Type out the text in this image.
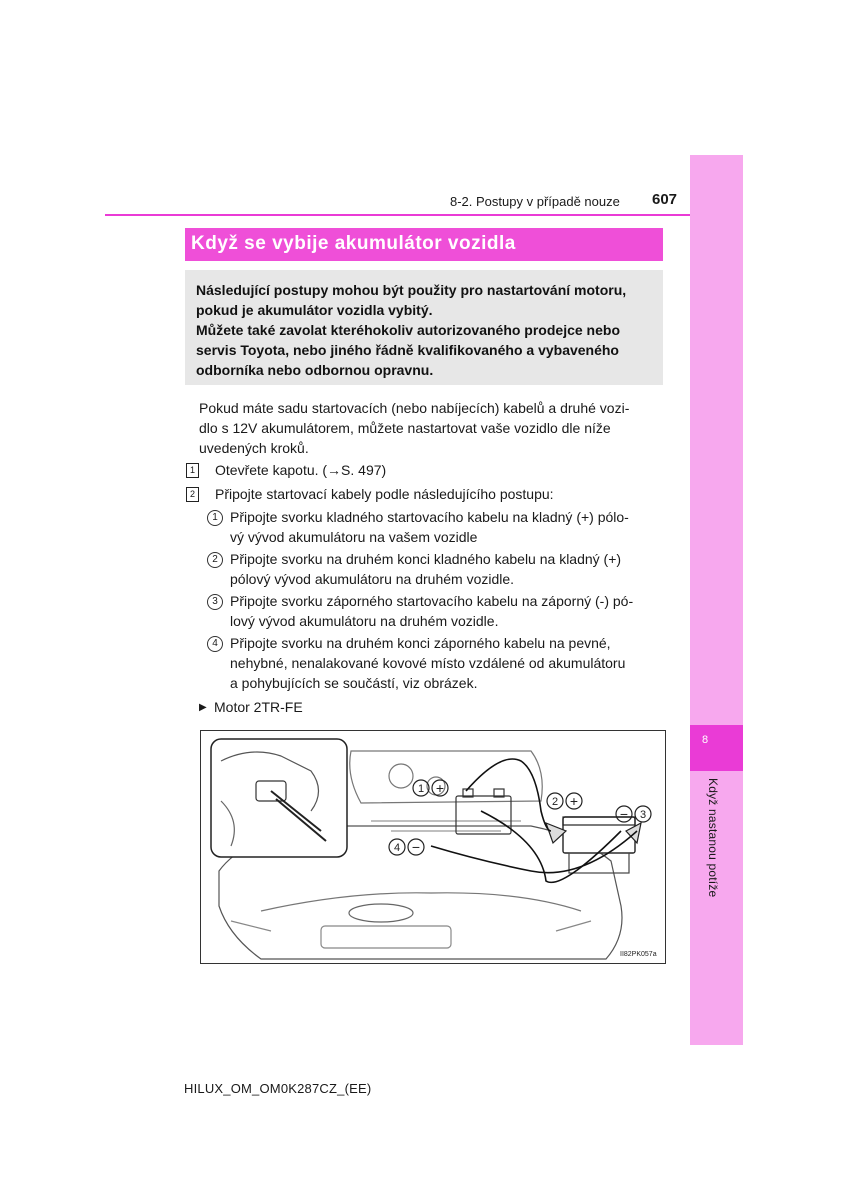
8
Když nastanou potíže
8-2. Postupy v případě nouze 607
Když se vybije akumulátor vozidla

Následující postupy mohou být použity pro nastartování motoru,
pokud je akumulátor vozidla vybitý.
Můžete také zavolat kteréhokoliv autorizovaného prodejce nebo
servis Toyota, nebo jiného řádně kvalifikovaného a vybaveného
odborníka nebo odbornou opravnu.

Pokud máte sadu startovacích (nebo nabíjecích) kabelů a druhé vozi-
dlo s 12V akumulátorem, můžete nastartovat vaše vozidlo dle níže
uvedených kroků.

1 Otevřete kapotu. (→S. 497)

2 Připojte startovací kabely podle následujícího postupu:

1 Připojte svorku kladného startovacího kabelu na kladný (+) pólo-
vý vývod akumulátoru na vašem vozidle

2 Připojte svorku na druhém konci kladného kabelu na kladný (+)
pólový vývod akumulátoru na druhém vozidle.

3 Připojte svorku záporného startovacího kabelu na záporný (-) pó-
lový vývod akumulátoru na druhém vozidle.

4 Připojte svorku na druhém konci záporného kabelu na pevné,
nehybné, nenalakované kovové místo vzdálené od akumulátoru
a pohybujících se součástí, viz obrázek.

▶ Motor 2TR-FE

1 +
2 +
− 3
4 −
II82PK057a
HILUX_OM_OM0K287CZ_(EE)
